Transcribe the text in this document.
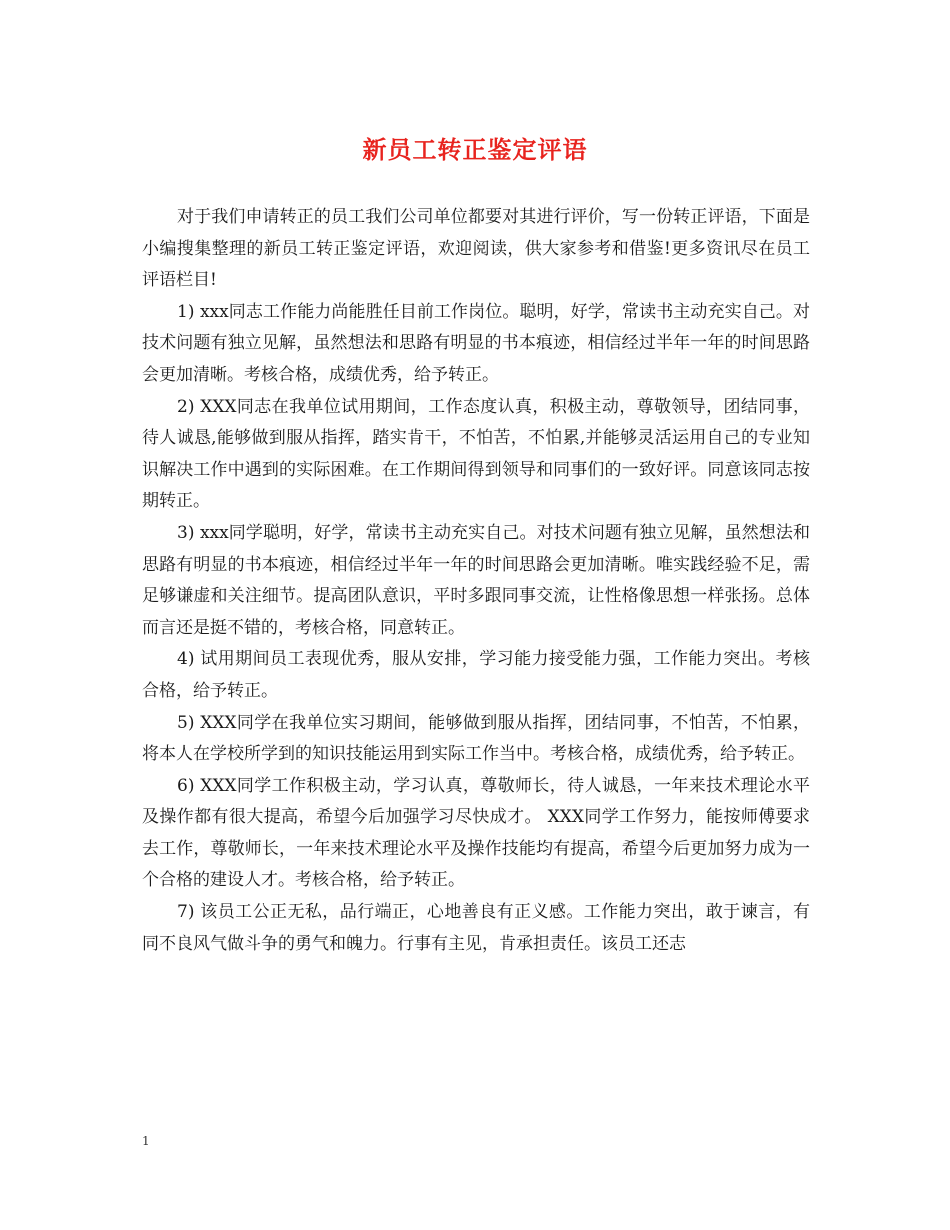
新员工转正鉴定评语

对于我们申请转正的员工我们公司单位都要对其进行评价，写一份转正评语，下面是小编搜集整理的新员工转正鉴定评语，欢迎阅读，供大家参考和借鉴!更多资讯尽在员工评语栏目!

1) xxx同志工作能力尚能胜任目前工作岗位。聪明，好学，常读书主动充实自己。对技术问题有独立见解，虽然想法和思路有明显的书本痕迹，相信经过半年一年的时间思路会更加清晰。考核合格，成绩优秀，给予转正。

2) XXX同志在我单位试用期间，工作态度认真，积极主动，尊敬领导，团结同事，待人诚恳,能够做到服从指挥，踏实肯干，不怕苦，不怕累,并能够灵活运用自己的专业知识解决工作中遇到的实际困难。在工作期间得到领导和同事们的一致好评。同意该同志按期转正。

3) xxx同学聪明，好学，常读书主动充实自己。对技术问题有独立见解，虽然想法和思路有明显的书本痕迹，相信经过半年一年的时间思路会更加清晰。唯实践经验不足，需足够谦虚和关注细节。提高团队意识，平时多跟同事交流，让性格像思想一样张扬。总体而言还是挺不错的，考核合格，同意转正。

4) 试用期间员工表现优秀，服从安排，学习能力接受能力强，工作能力突出。考核合格，给予转正。

5) XXX同学在我单位实习期间，能够做到服从指挥，团结同事，不怕苦，不怕累，将本人在学校所学到的知识技能运用到实际工作当中。考核合格，成绩优秀，给予转正。

6) XXX同学工作积极主动，学习认真，尊敬师长，待人诚恳，一年来技术理论水平及操作都有很大提高，希望今后加强学习尽快成才。 XXX同学工作努力，能按师傅要求去工作，尊敬师长，一年来技术理论水平及操作技能均有提高，希望今后更加努力成为一个合格的建设人才。考核合格，给予转正。

7) 该员工公正无私，品行端正，心地善良有正义感。工作能力突出，敢于谏言，有同不良风气做斗争的勇气和魄力。行事有主见，肯承担责任。该员工还志

1
